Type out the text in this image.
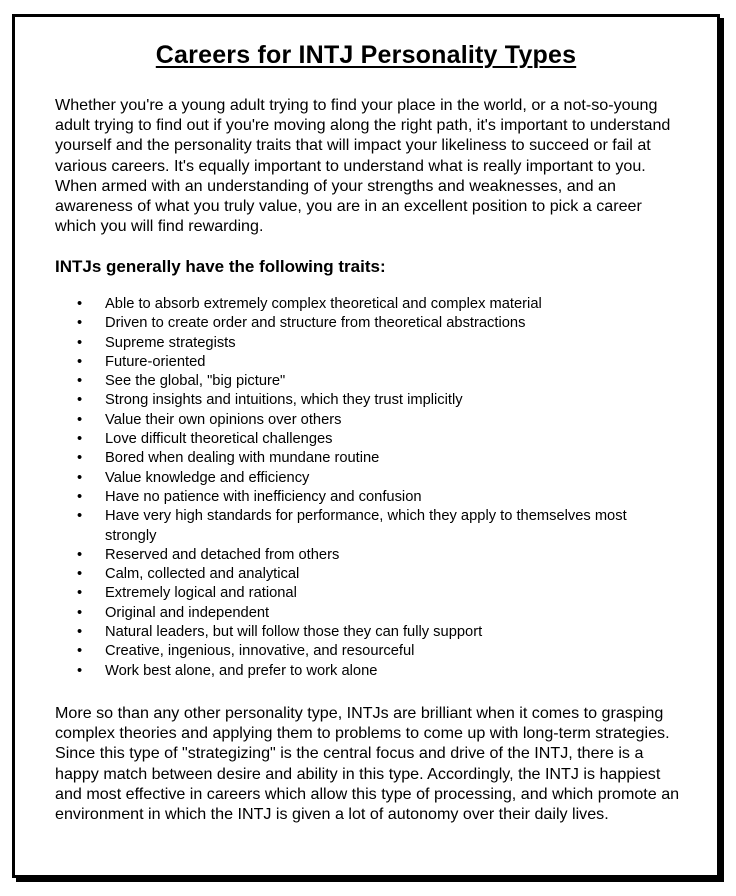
Careers for INTJ Personality Types

Whether you're a young adult trying to find your place in the world, or a not-so-young adult trying to find out if you're moving along the right path, it's important to understand yourself and the personality traits that will impact your likeliness to succeed or fail at various careers. It's equally important to understand what is really important to you. When armed with an understanding of your strengths and weaknesses, and an awareness of what you truly value, you are in an excellent position to pick a career which you will find rewarding.

INTJs generally have the following traits:
• Able to absorb extremely complex theoretical and complex material
• Driven to create order and structure from theoretical abstractions
• Supreme strategists
• Future-oriented
• See the global, "big picture"
• Strong insights and intuitions, which they trust implicitly
• Value their own opinions over others
• Love difficult theoretical challenges
• Bored when dealing with mundane routine
• Value knowledge and efficiency
• Have no patience with inefficiency and confusion
• Have very high standards for performance, which they apply to themselves most strongly
• Reserved and detached from others
• Calm, collected and analytical
• Extremely logical and rational
• Original and independent
• Natural leaders, but will follow those they can fully support
• Creative, ingenious, innovative, and resourceful
• Work best alone, and prefer to work alone

More so than any other personality type, INTJs are brilliant when it comes to grasping complex theories and applying them to problems to come up with long-term strategies. Since this type of "strategizing" is the central focus and drive of the INTJ, there is a happy match between desire and ability in this type. Accordingly, the INTJ is happiest and most effective in careers which allow this type of processing, and which promote an environment in which the INTJ is given a lot of autonomy over their daily lives.
